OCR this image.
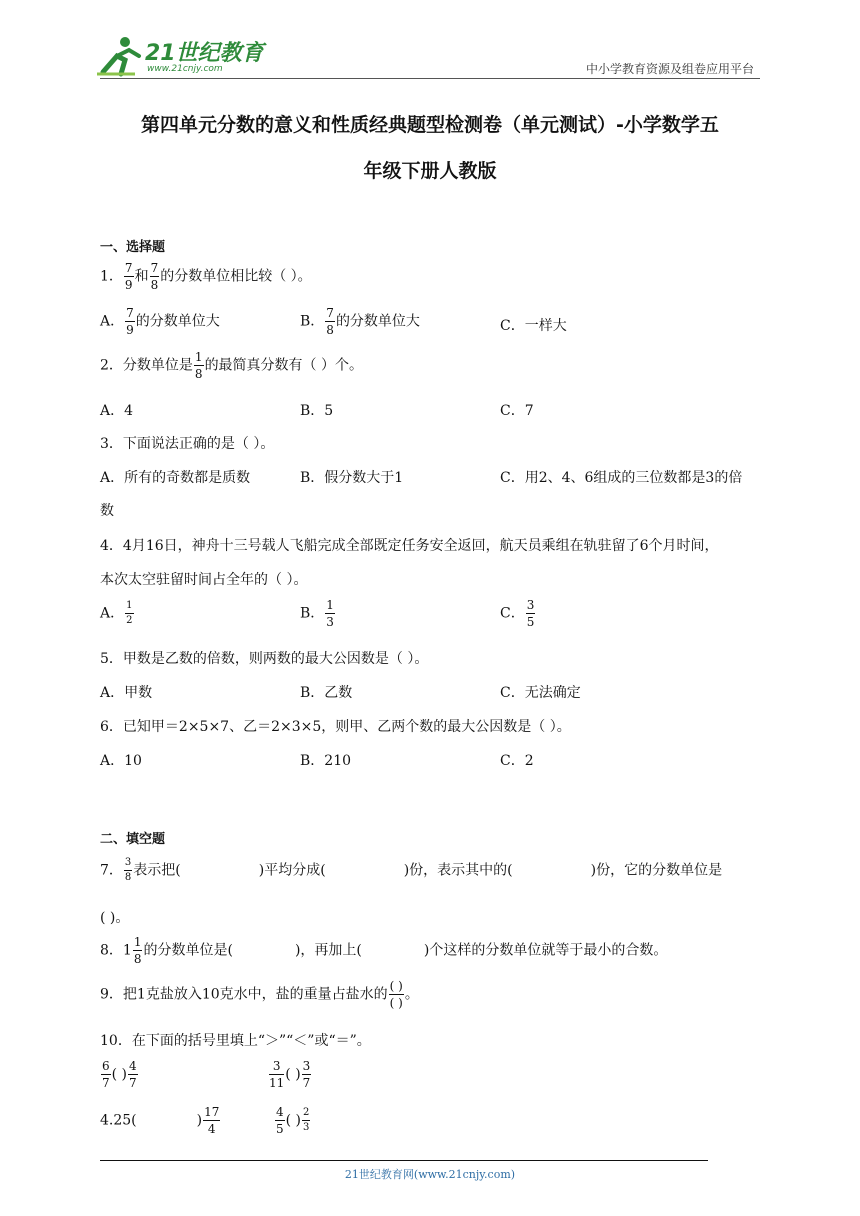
21世纪教育
www.21cnjy.com	中小学教育资源及组卷应用平台
第四单元分数的意义和性质经典题型检测卷（单元测试）-小学数学五
年级下册人教版
一、选择题
1． $\frac{7}{9}$ 和 $\frac{7}{8}$ 的分数单位相比较（ ）。
A． $\frac{7}{9}$ 的分数单位大	B． $\frac{7}{8}$ 的分数单位大	C．一样大
2．分数单位是 $\frac{1}{8}$ 的最简真分数有（ ）个。
A．4	B．5	C．7
3．下面说法正确的是（ ）。
A．所有的奇数都是质数	B．假分数大于1	C．用2、4、6组成的三位数都是3的倍
数
4．4月16日，神舟十三号载人飞船完成全部既定任务安全返回，航天员乘组在轨驻留了6个月时间，
本次太空驻留时间占全年的（ ）。
A． $\frac{1}{2}$	B． $\frac{1}{3}$	C． $\frac{3}{5}$
5．甲数是乙数的倍数，则两数的最大公因数是（ ）。
A．甲数	B．乙数	C．无法确定
6．已知甲＝2×5×7、乙＝2×3×5，则甲、乙两个数的最大公因数是（ ）。
A．10	B．210	C．2
二、填空题
7． $\frac{3}{8}$ 表示把(	)平均分成(	)份，表示其中的(	)份，它的分数单位是
( )。
8．$1 \frac{1}{8}$ 的分数单位是(	)，再加上(	)个这样的分数单位就等于最小的合数。
9．把1克盐放入10克水中，盐的重量占盐水的 $\frac{( )}{( )}$ 。
10．在下面的括号里填上“＞”“＜”或“＝”。
$\frac{6}{7}$ ( ) $\frac{4}{7}$	$\frac{3}{11}$ ( ) $\frac{3}{7}$
4.25(	) $\frac{17}{4}$	$\frac{4}{5}$ ( ) $\frac{2}{3}$
21世纪教育网(www.21cnjy.com)
